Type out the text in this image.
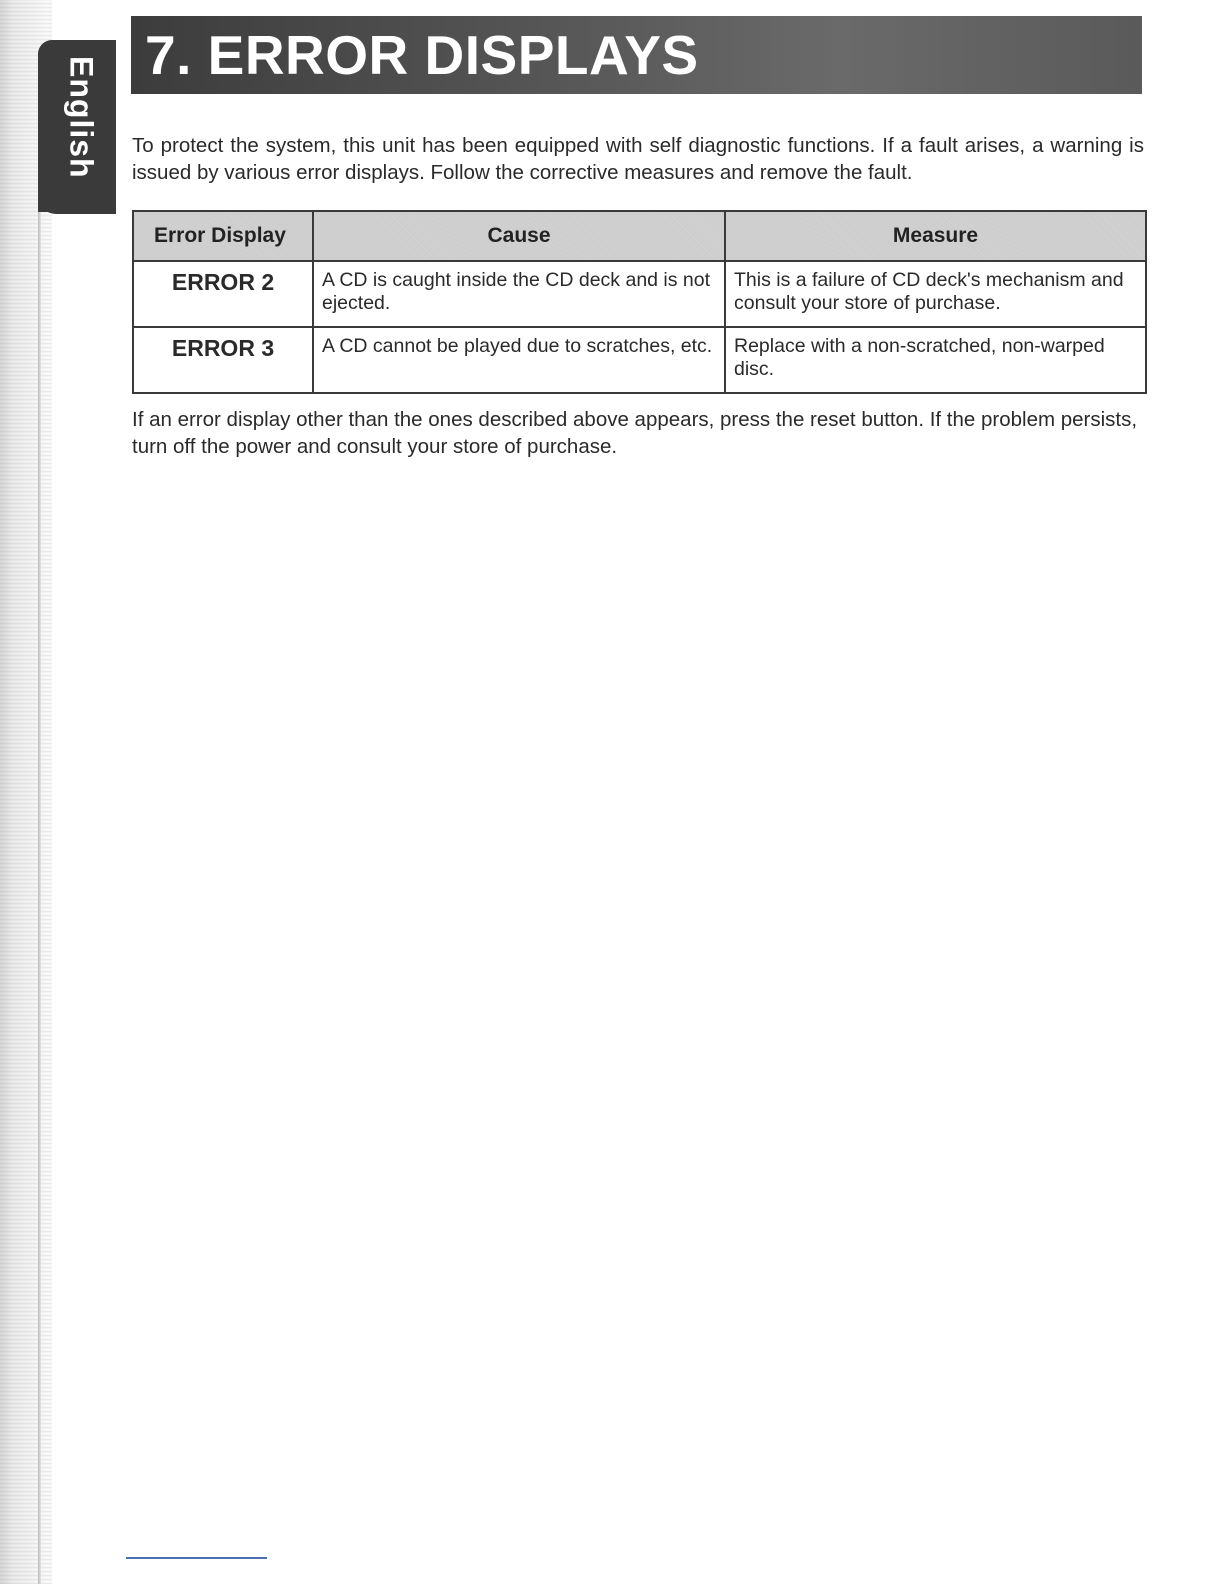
English
7. ERROR DISPLAYS

To protect the system, this unit has been equipped with self diagnostic functions. If a fault arises, a warning is issued by various error displays. Follow the corrective measures and remove the fault.

Error Display	Cause	Measure
ERROR 2	A CD is caught inside the CD deck and is not ejected.	This is a failure of CD deck's mechanism and consult your store of purchase.
ERROR 3	A CD cannot be played due to scratches, etc.	Replace with a non-scratched, non-warped disc.

If an error display other than the ones described above appears, press the reset button. If the problem persists, turn off the power and consult your store of purchase.
